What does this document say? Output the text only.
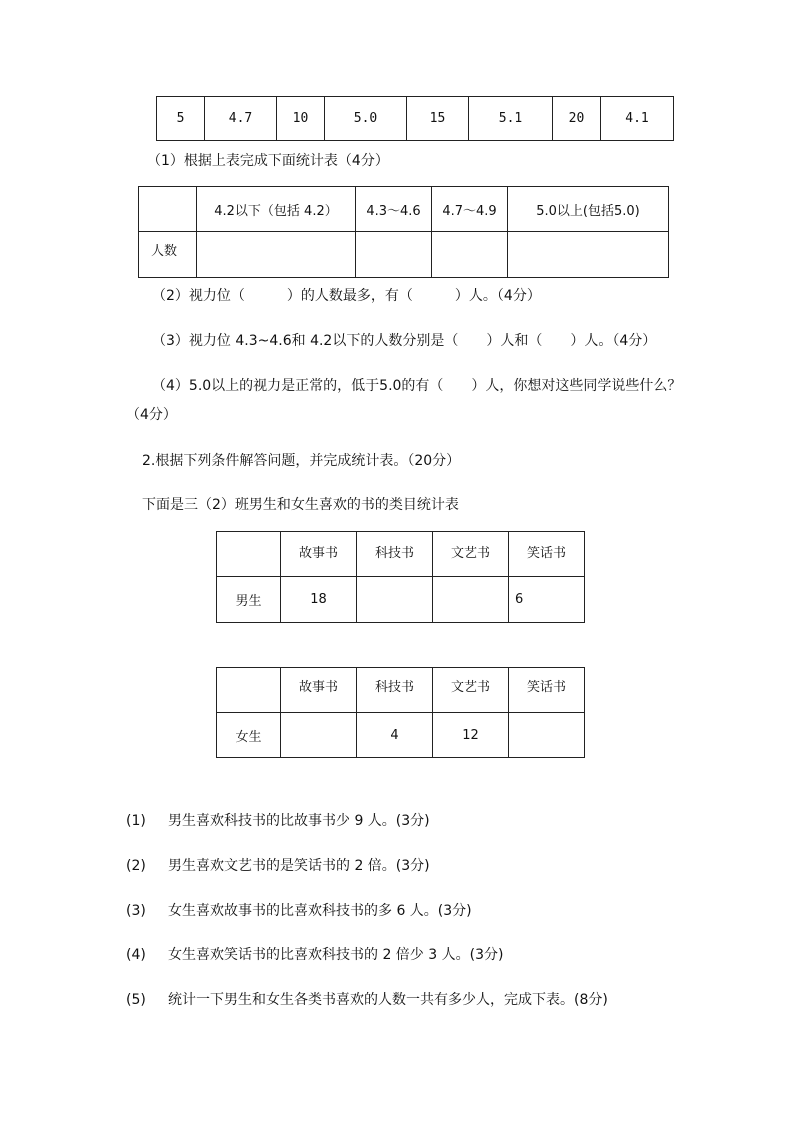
5	4.7	10	5.0	15	5.1	20	4.1
（1）根据上表完成下面统计表（4分）
	4.2以下（包括 4.2）	4.3～4.6	4.7～4.9	5.0以上(包括5.0)
人数				
（2）视力位（　　　）的人数最多，有（　　　）人。（4分）
（3）视力位 4.3~4.6和 4.2以下的人数分别是（　　）人和（　　）人。（4分）
（4）5.0以上的视力是正常的，低于5.0的有（　　）人，你想对这些同学说些什么？
（4分）
2.根据下列条件解答问题，并完成统计表。（20分）
下面是三（2）班男生和女生喜欢的书的类目统计表
	故事书	科技书	文艺书	笑话书
男生	18			6
	故事书	科技书	文艺书	笑话书
女生		4	12	
(1) 男生喜欢科技书的比故事书少 9 人。(3分)
(2) 男生喜欢文艺书的是笑话书的 2 倍。(3分)
(3) 女生喜欢故事书的比喜欢科技书的多 6 人。(3分)
(4) 女生喜欢笑话书的比喜欢科技书的 2 倍少 3 人。(3分)
(5) 统计一下男生和女生各类书喜欢的人数一共有多少人，完成下表。(8分)
